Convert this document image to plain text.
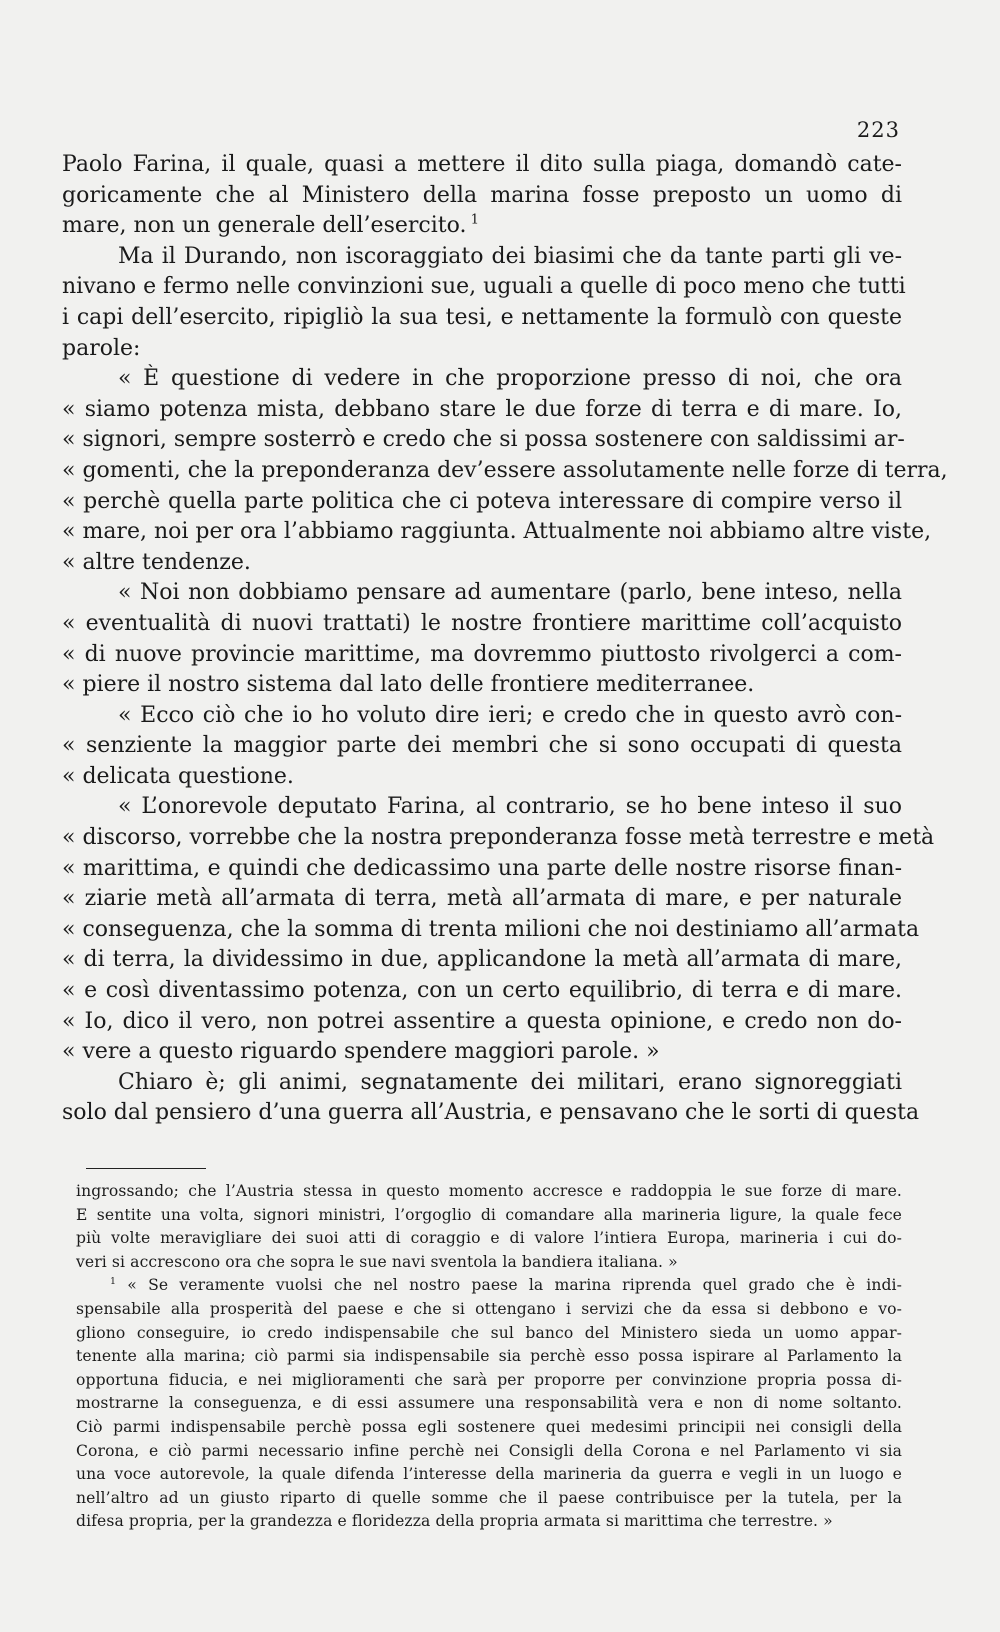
223
Paolo Farina, il quale, quasi a mettere il dito sulla piaga, domandò cate-
goricamente che al Ministero della marina fosse preposto un uomo di
mare, non un generale dell’esercito. $^1$
Ma il Durando, non iscoraggiato dei biasimi che da tante parti gli ve-
nivano e fermo nelle convinzioni sue, uguali a quelle di poco meno che tutti
i capi dell’esercito, ripigliò la sua tesi, e nettamente la formulò con queste
parole:
« È questione di vedere in che proporzione presso di noi, che ora
« siamo potenza mista, debbano stare le due forze di terra e di mare. Io,
« signori, sempre sosterrò e credo che si possa sostenere con saldissimi ar-
« gomenti, che la preponderanza dev’essere assolutamente nelle forze di terra,
« perchè quella parte politica che ci poteva interessare di compire verso il
« mare, noi per ora l’abbiamo raggiunta. Attualmente noi abbiamo altre viste,
« altre tendenze.
« Noi non dobbiamo pensare ad aumentare (parlo, bene inteso, nella
« eventualità di nuovi trattati) le nostre frontiere marittime coll’acquisto
« di nuove provincie marittime, ma dovremmo piuttosto rivolgerci a com-
« piere il nostro sistema dal lato delle frontiere mediterranee.
« Ecco ciò che io ho voluto dire ieri; e credo che in questo avrò con-
« senziente la maggior parte dei membri che si sono occupati di questa
« delicata questione.
« L’onorevole deputato Farina, al contrario, se ho bene inteso il suo
« discorso, vorrebbe che la nostra preponderanza fosse metà terrestre e metà
« marittima, e quindi che dedicassimo una parte delle nostre risorse finan-
« ziarie metà all’armata di terra, metà all’armata di mare, e per naturale
« conseguenza, che la somma di trenta milioni che noi destiniamo all’armata
« di terra, la dividessimo in due, applicandone la metà all’armata di mare,
« e così diventassimo potenza, con un certo equilibrio, di terra e di mare.
« Io, dico il vero, non potrei assentire a questa opinione, e credo non do-
« vere a questo riguardo spendere maggiori parole. »
Chiaro è; gli animi, segnatamente dei militari, erano signoreggiati
solo dal pensiero d’una guerra all’Austria, e pensavano che le sorti di questa
ingrossando; che l’Austria stessa in questo momento accresce e raddoppia le sue forze di mare.
E sentite una volta, signori ministri, l’orgoglio di comandare alla marineria ligure, la quale fece
più volte meravigliare dei suoi atti di coraggio e di valore l’intiera Europa, marineria i cui do-
veri si accrescono ora che sopra le sue navi sventola la bandiera italiana. »
$^1$ « Se veramente vuolsi che nel nostro paese la marina riprenda quel grado che è indi-
spensabile alla prosperità del paese e che si ottengano i servizi che da essa si debbono e vo-
gliono conseguire, io credo indispensabile che sul banco del Ministero sieda un uomo appar-
tenente alla marina; ciò parmi sia indispensabile sia perchè esso possa ispirare al Parlamento la
opportuna fiducia, e nei miglioramenti che sarà per proporre per convinzione propria possa di-
mostrarne la conseguenza, e di essi assumere una responsabilità vera e non di nome soltanto.
Ciò parmi indispensabile perchè possa egli sostenere quei medesimi principii nei consigli della
Corona, e ciò parmi necessario infine perchè nei Consigli della Corona e nel Parlamento vi sia
una voce autorevole, la quale difenda l’interesse della marineria da guerra e vegli in un luogo e
nell’altro ad un giusto riparto di quelle somme che il paese contribuisce per la tutela, per la
difesa propria, per la grandezza e floridezza della propria armata si marittima che terrestre. »
